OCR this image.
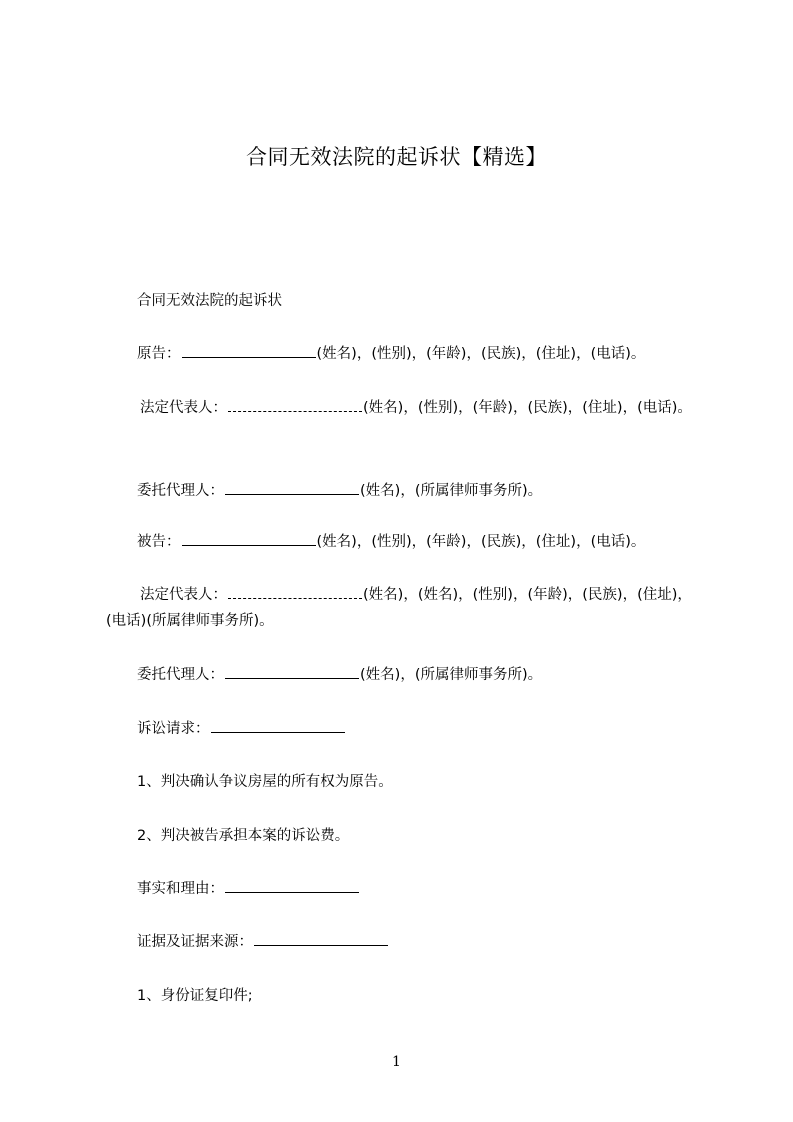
合同无效法院的起诉状【精选】
合同无效法院的起诉状
原告：	(姓名)，(性别)，(年龄)，(民族)，(住址)，(电话)。
法定代表人：	(姓名)，(性别)，(年龄)，(民族)，(住址)，(电话)。
委托代理人：	(姓名)，(所属律师事务所)。
被告：	(姓名)，(性别)，(年龄)，(民族)，(住址)，(电话)。
法定代表人：	(姓名)，(姓名)，(性别)，(年龄)，(民族)，(住址)，(电话)(所属律师事务所)。
委托代理人：	(姓名)，(所属律师事务所)。
诉讼请求：
1、判决确认争议房屋的所有权为原告。
2、判决被告承担本案的诉讼费。
事实和理由：
证据及证据来源：
1、身份证复印件;
1
